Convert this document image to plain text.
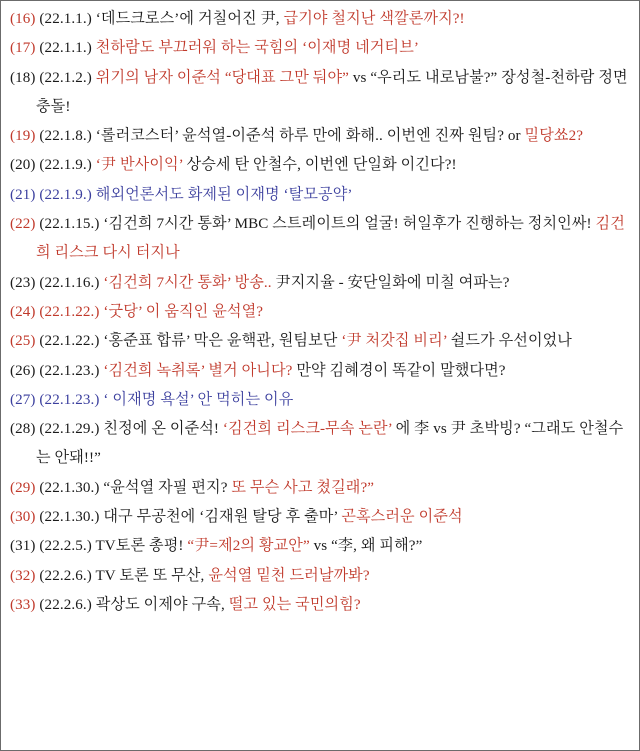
(16) (22.1.1.) ‘데드크로스’에 거칠어진 尹, 급기야 철지난 색깔론까지?!

(17) (22.1.1.) 천하람도 부끄러워 하는 국힘의 ‘이재명 네거티브’

(18) (22.1.2.) 위기의 남자 이준석 “당대표 그만 둬야” vs “우리도 내로남불?” 장성철-천하람 정면충돌!

(19) (22.1.8.) ‘롤러코스터’ 윤석열-이준석 하루 만에 화해.. 이번엔 진짜 원팀? or 밀당쑈2?

(20) (22.1.9.) ‘尹 반사이익’ 상승세 탄 안철수, 이번엔 단일화 이긴다?!

(21) (22.1.9.) 해외언론서도 화제된 이재명 ‘탈모공약’

(22) (22.1.15.) ‘김건희 7시간 통화’ MBC 스트레이트의 얼굴! 허일후가 진행하는 정치인싸! 김건희 리스크 다시 터지나

(23) (22.1.16.) ‘김건희 7시간 통화’ 방송.. 尹지지율 - 安단일화에 미칠 여파는?

(24) (22.1.22.) ‘굿당’ 이 움직인 윤석열?

(25) (22.1.22.) ‘홍준표 합류’ 막은 윤핵관, 원팀보단 ‘尹 처갓집 비리’ 쉴드가 우선이었나

(26) (22.1.23.) ‘김건희 녹취록’ 별거 아니다? 만약 김혜경이 똑같이 말했다면?

(27) (22.1.23.) ‘ 이재명 욕설’ 안 먹히는 이유

(28) (22.1.29.) 친정에 온 이준석! ‘김건희 리스크-무속 논란’ 에 李 vs 尹 초박빙? “그래도 안철수는 안돼!!”

(29) (22.1.30.) “윤석열 자필 편지? 또 무슨 사고 쳤길래?”

(30) (22.1.30.) 대구 무공천에 ‘김재원 탈당 후 출마’ 곤혹스러운 이준석

(31) (22.2.5.) TV토론 총평! “尹=제2의 황교안” vs “李, 왜 피해?”

(32) (22.2.6.) TV 토론 또 무산, 윤석열 밑천 드러날까봐?

(33) (22.2.6.) 곽상도 이제야 구속, 떨고 있는 국민의힘?
